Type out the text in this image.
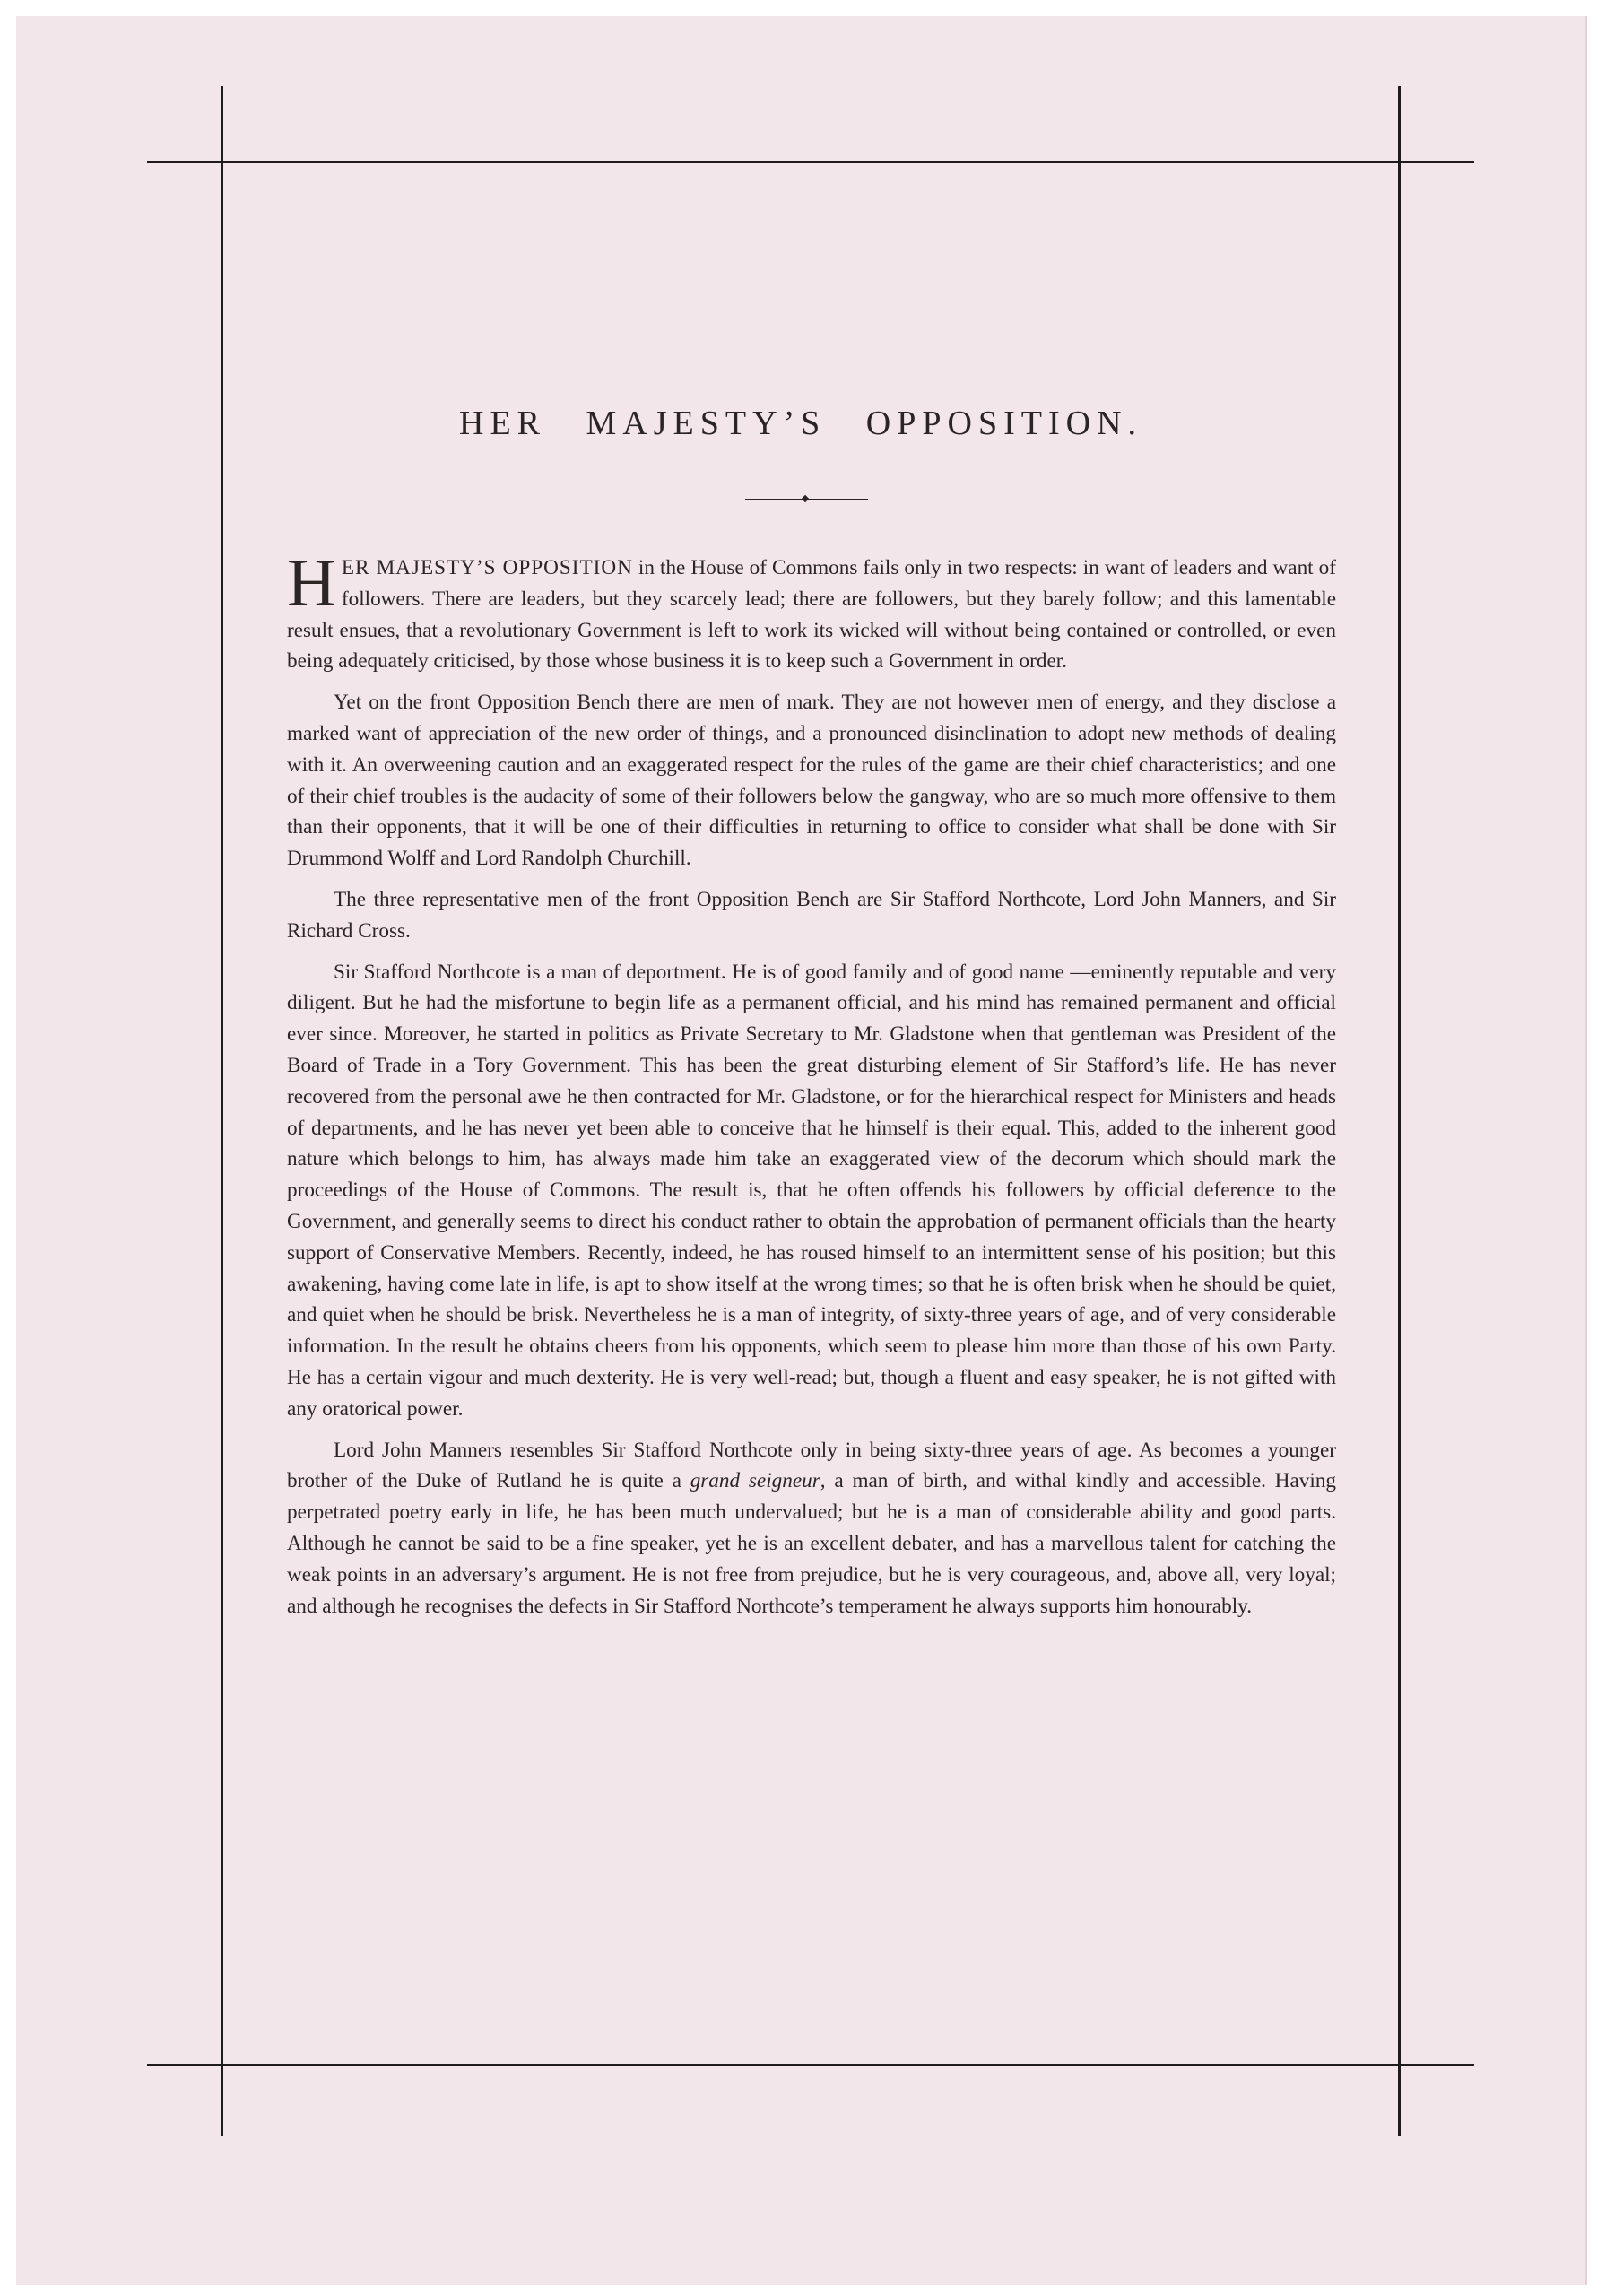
HER MAJESTY’S OPPOSITION.

HER MAJESTY’S OPPOSITION in the House of Commons fails only in two respects: in want of leaders and want of followers. There are leaders, but they scarcely lead; there are followers, but they barely follow; and this lamentable result ensues, that a revolutionary Government is left to work its wicked will without being contained or controlled, or even being adequately criticised, by those whose business it is to keep such a Government in order.

Yet on the front Opposition Bench there are men of mark. They are not however men of energy, and they disclose a marked want of appreciation of the new order of things, and a pronounced disinclination to adopt new methods of dealing with it. An overweening caution and an exaggerated respect for the rules of the game are their chief characteristics; and one of their chief troubles is the audacity of some of their followers below the gangway, who are so much more offensive to them than their opponents, that it will be one of their difficulties in returning to office to consider what shall be done with Sir Drummond Wolff and Lord Randolph Churchill.

The three representative men of the front Opposition Bench are Sir Stafford Northcote, Lord John Manners, and Sir Richard Cross.

Sir Stafford Northcote is a man of deportment. He is of good family and of good name —eminently reputable and very diligent. But he had the misfortune to begin life as a permanent official, and his mind has remained permanent and official ever since. Moreover, he started in politics as Private Secretary to Mr. Gladstone when that gentleman was President of the Board of Trade in a Tory Government. This has been the great disturbing element of Sir Stafford’s life. He has never recovered from the personal awe he then contracted for Mr. Gladstone, or for the hierarchical respect for Ministers and heads of departments, and he has never yet been able to conceive that he himself is their equal. This, added to the inherent good nature which belongs to him, has always made him take an exaggerated view of the decorum which should mark the proceedings of the House of Commons. The result is, that he often offends his followers by official deference to the Government, and generally seems to direct his conduct rather to obtain the approbation of permanent officials than the hearty support of Conservative Members. Recently, indeed, he has roused himself to an intermittent sense of his position; but this awakening, having come late in life, is apt to show itself at the wrong times; so that he is often brisk when he should be quiet, and quiet when he should be brisk. Nevertheless he is a man of integrity, of sixty-three years of age, and of very considerable information. In the result he obtains cheers from his opponents, which seem to please him more than those of his own Party. He has a certain vigour and much dexterity. He is very well-read; but, though a fluent and easy speaker, he is not gifted with any oratorical power.

Lord John Manners resembles Sir Stafford Northcote only in being sixty-three years of age. As becomes a younger brother of the Duke of Rutland he is quite a grand seigneur, a man of birth, and withal kindly and accessible. Having perpetrated poetry early in life, he has been much undervalued; but he is a man of considerable ability and good parts. Although he cannot be said to be a fine speaker, yet he is an excellent debater, and has a marvellous talent for catching the weak points in an adversary’s argument. He is not free from prejudice, but he is very courageous, and, above all, very loyal; and although he recognises the defects in Sir Stafford Northcote’s temperament he always supports him honourably.
